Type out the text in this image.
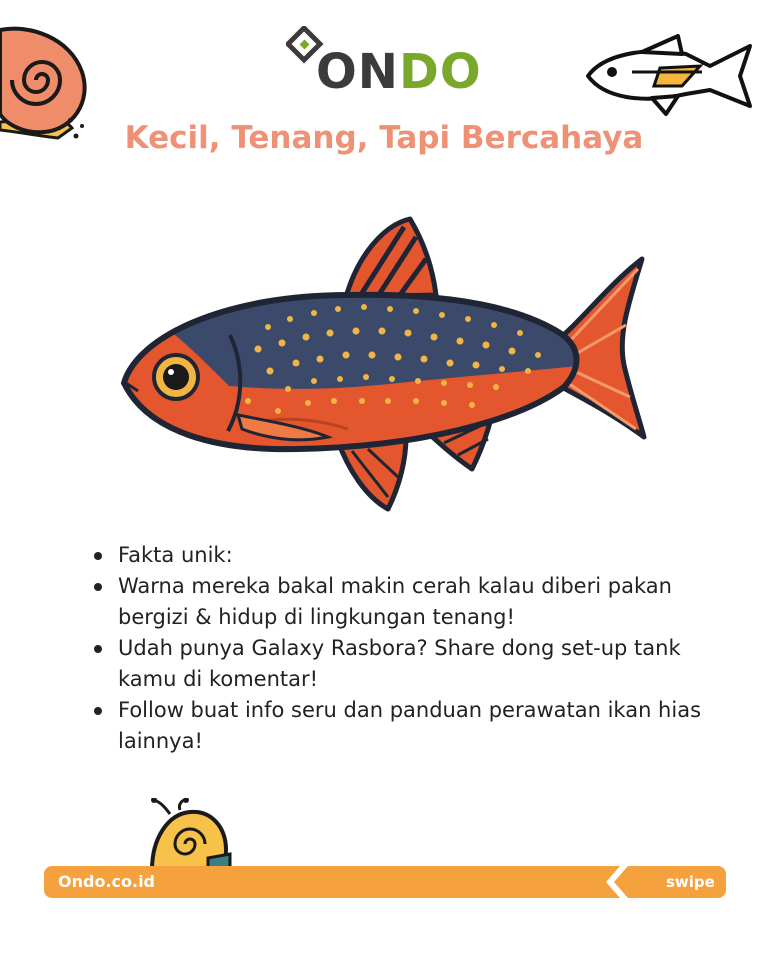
ONDO
Kecil, Tenang, Tapi Bercahaya
Fakta unik:
Warna mereka bakal makin cerah kalau diberi pakan bergizi & hidup di lingkungan tenang!
Udah punya Galaxy Rasbora? Share dong set-up tank kamu di komentar!
Follow buat info seru dan panduan perawatan ikan hias lainnya!
Ondo.co.id	swipe
